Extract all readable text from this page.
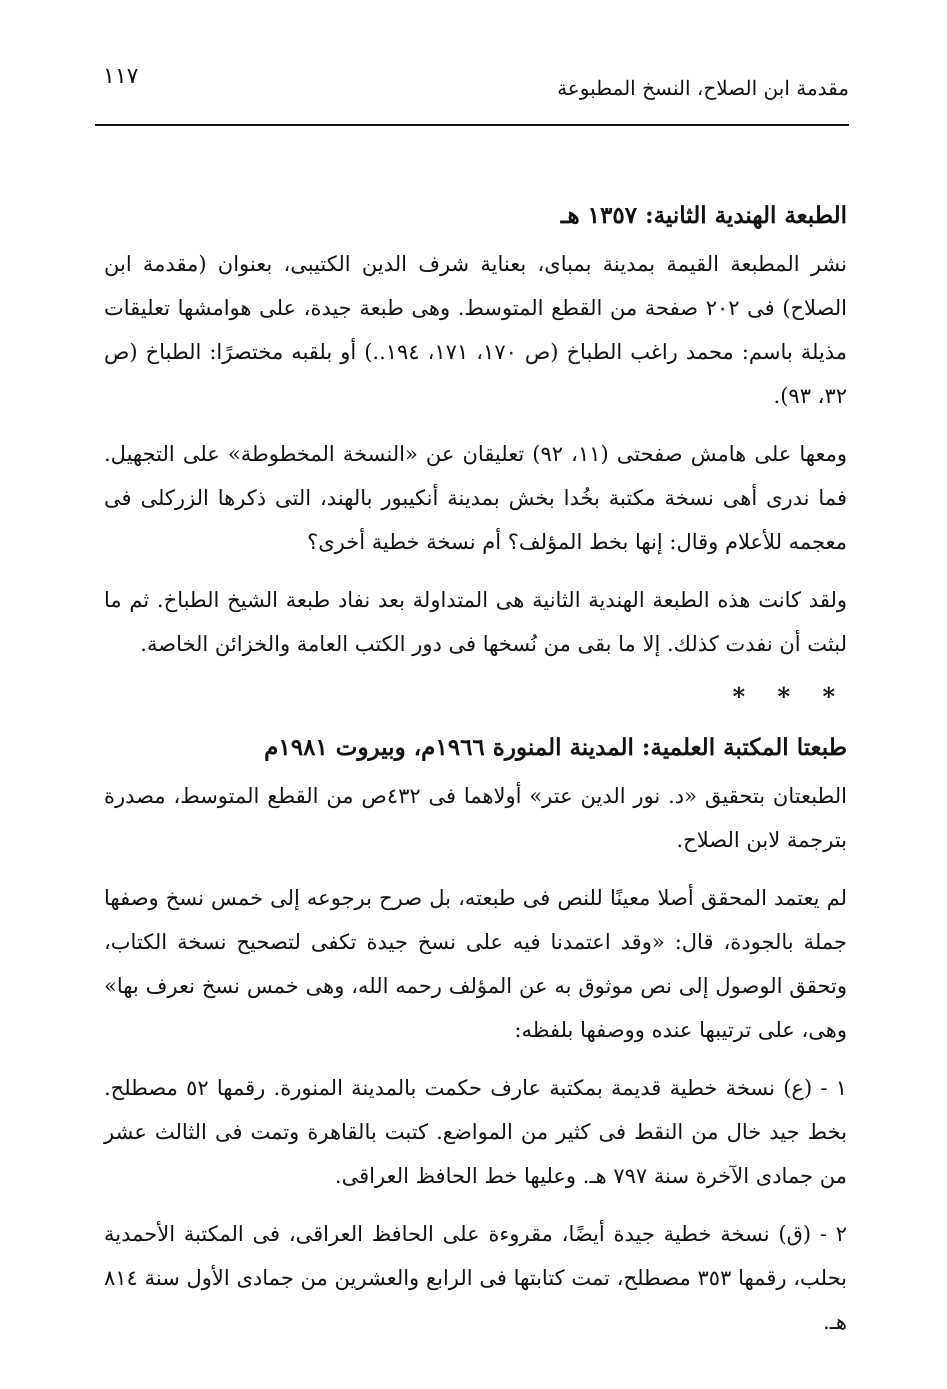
١١٧	مقدمة ابن الصلاح، النسخ المطبوعة
الطبعة الهندية الثانية: ١٣٥٧ هـ

نشر المطبعة القيمة بمدينة بمباى، بعناية شرف الدين الكتيبى، بعنوان (مقدمة ابن الصلاح) فى ٢٠٢ صفحة من القطع المتوسط. وهى طبعة جيدة، على هوامشها تعليقات مذيلة باسم: محمد راغب الطباخ (ص ١٧٠، ١٧١، ١٩٤..) أو بلقبه مختصرًا: الطباخ (ص ٣٢، ٩٣).

ومعها على هامش صفحتى (١١، ٩٢) تعليقان عن «النسخة المخطوطة» على التجهيل. فما ندرى أهى نسخة مكتبة بخُدا بخش بمدينة أنكيبور بالهند، التى ذكرها الزركلى فى معجمه للأعلام وقال: إنها بخط المؤلف؟ أم نسخة خطية أخرى؟

ولقد كانت هذه الطبعة الهندية الثانية هى المتداولة بعد نفاد طبعة الشيخ الطباخ. ثم ما لبثت أن نفدت كذلك. إلا ما بقى من نُسخها فى دور الكتب العامة والخزائن الخاصة.

* * *
طبعتا المكتبة العلمية: المدينة المنورة ١٩٦٦م، وبيروت ١٩٨١م

الطبعتان بتحقيق «د. نور الدين عتر» أولاهما فى ٤٣٢ص من القطع المتوسط، مصدرة بترجمة لابن الصلاح.

لم يعتمد المحقق أصلا معينًا للنص فى طبعته، بل صرح برجوعه إلى خمس نسخ وصفها جملة بالجودة، قال: «وقد اعتمدنا فيه على نسخ جيدة تكفى لتصحيح نسخة الكتاب، وتحقق الوصول إلى نص موثوق به عن المؤلف رحمه الله، وهى خمس نسخ نعرف بها» وهى، على ترتيبها عنده ووصفها بلفظه:

١ - (ع) نسخة خطية قديمة بمكتبة عارف حكمت بالمدينة المنورة. رقمها ٥٢ مصطلح. بخط جيد خال من النقط فى كثير من المواضع. كتبت بالقاهرة وتمت فى الثالث عشر من جمادى الآخرة سنة ٧٩٧ هـ. وعليها خط الحافظ العراقى.

٢ - (ق) نسخة خطية جيدة أيضًا، مقروءة على الحافظ العراقى، فى المكتبة الأحمدية بحلب، رقمها ٣٥٣ مصطلح، تمت كتابتها فى الرابع والعشرين من جمادى الأول سنة ٨١٤ هـ.
